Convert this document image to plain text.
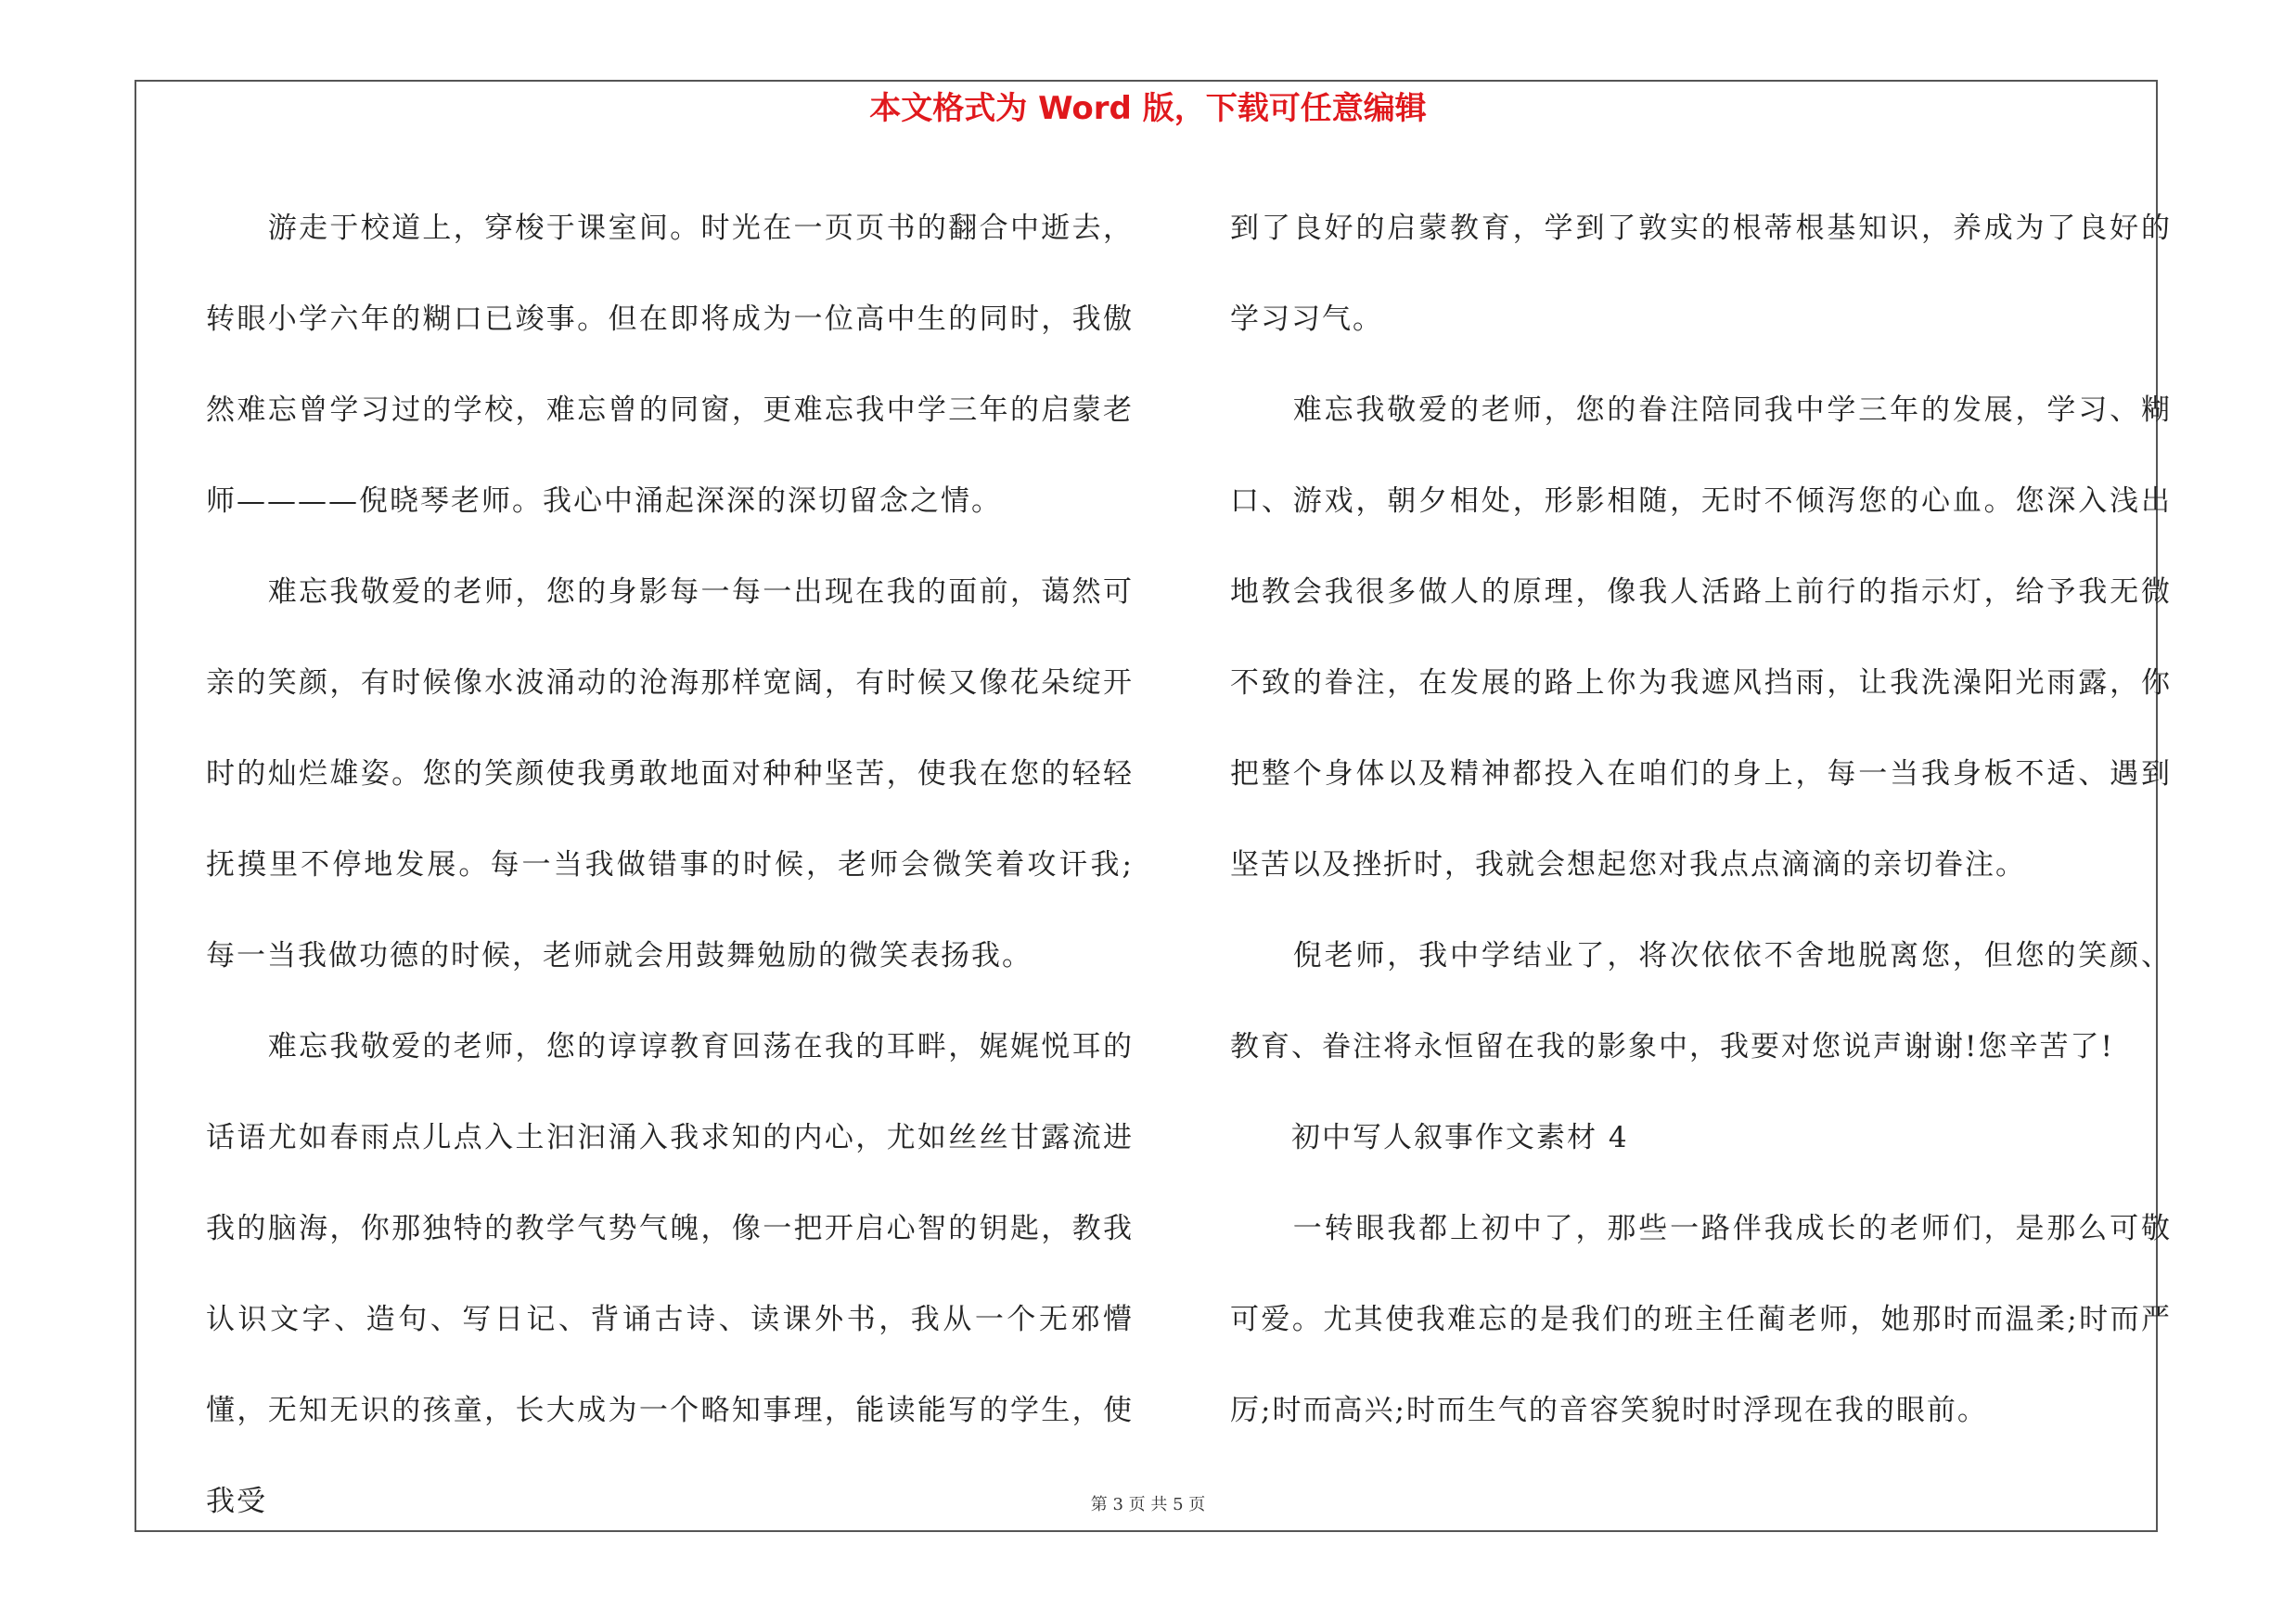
本文格式为 Word 版，下载可任意编辑

　　游走于校道上，穿梭于课室间。时光在一页页书的翻合中逝去，转眼小学六年的糊口已竣事。但在即将成为一位高中生的同时，我傲然难忘曾学习过的学校，难忘曾的同窗，更难忘我中学三年的启蒙老师————倪晓琴老师。我心中涌起深深的深切留念之情。
　　难忘我敬爱的老师，您的身影每一每一出现在我的面前，蔼然可亲的笑颜，有时候像水波涌动的沧海那样宽阔，有时候又像花朵绽开时的灿烂雄姿。您的笑颜使我勇敢地面对种种坚苦，使我在您的轻轻抚摸里不停地发展。每一当我做错事的时候，老师会微笑着攻讦我;每一当我做功德的时候，老师就会用鼓舞勉励的微笑表扬我。
　　难忘我敬爱的老师，您的谆谆教育回荡在我的耳畔，娓娓悦耳的话语尤如春雨点儿点入土汩汩涌入我求知的内心，尤如丝丝甘露流进我的脑海，你那独特的教学气势气魄，像一把开启心智的钥匙，教我认识文字、造句、写日记、背诵古诗、读课外书，我从一个无邪懵懂，无知无识的孩童，长大成为一个略知事理，能读能写的学生，使我受

到了良好的启蒙教育，学到了敦实的根蒂根基知识，养成为了良好的学习习气。
　　难忘我敬爱的老师，您的眷注陪同我中学三年的发展，学习、糊口、游戏，朝夕相处，形影相随，无时不倾泻您的心血。您深入浅出地教会我很多做人的原理，像我人活路上前行的指示灯，给予我无微不致的眷注，在发展的路上你为我遮风挡雨，让我洗澡阳光雨露，你把整个身体以及精神都投入在咱们的身上，每一当我身板不适、遇到坚苦以及挫折时，我就会想起您对我点点滴滴的亲切眷注。
　　倪老师，我中学结业了，将次依依不舍地脱离您，但您的笑颜、教育、眷注将永恒留在我的影象中，我要对您说声谢谢!您辛苦了!
　　初中写人叙事作文素材 4
　　一转眼我都上初中了，那些一路伴我成长的老师们，是那么可敬可爱。尤其使我难忘的是我们的班主任蔺老师，她那时而温柔;时而严厉;时而高兴;时而生气的音容笑貌时时浮现在我的眼前。

第 3 页 共 5 页
